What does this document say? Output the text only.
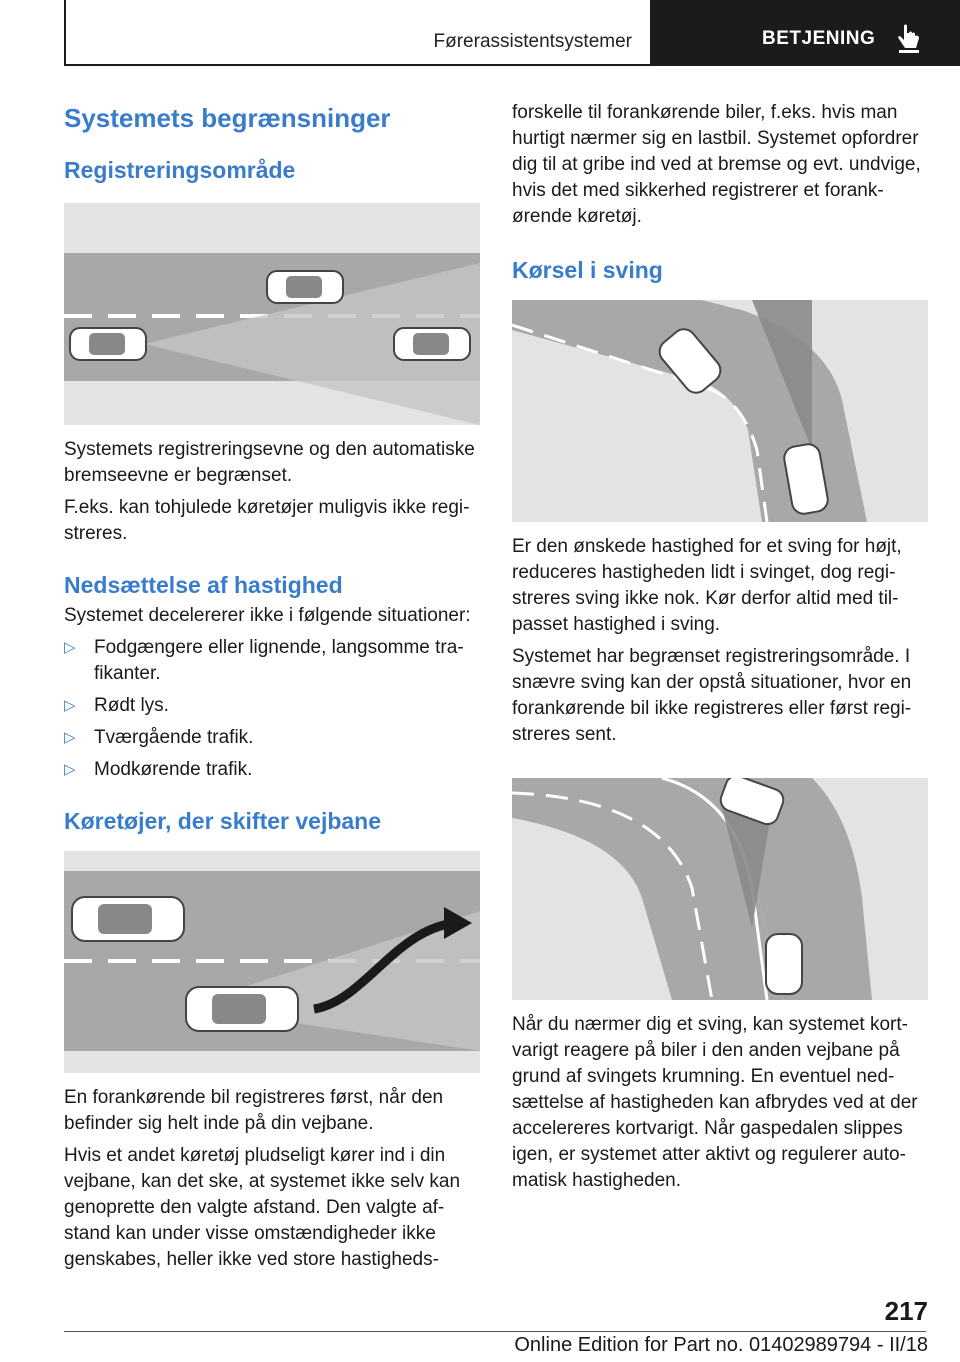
Førerassistentsystemer	BETJENING
Systemets begrænsninger
Registreringsområde

Systemets registreringsevne og den automatiske bremseevne er begrænset.

F.eks. kan tohjulede køretøjer muligvis ikke regi-streres.

Nedsættelse af hastighed

Systemet decelererer ikke i følgende situationer:

▷ Fodgængere eller lignende, langsomme tra-fikanter.
▷ Rødt lys.
▷ Tværgående trafik.
▷ Modkørende trafik.
Køretøjer, der skifter vejbane

En forankørende bil registreres først, når den befinder sig helt inde på din vejbane.

Hvis et andet køretøj pludseligt kører ind i din vejbane, kan det ske, at systemet ikke selv kan genoprette den valgte afstand. Den valgte af-stand kan under visse omstændigheder ikke genskabes, heller ikke ved store hastigheds-

forskelle til forankørende biler, f.eks. hvis man hurtigt nærmer sig en lastbil. Systemet opfordrer dig til at gribe ind ved at bremse og evt. undvige, hvis det med sikkerhed registrerer et forank-ørende køretøj.

Kørsel i sving

Er den ønskede hastighed for et sving for højt, reduceres hastigheden lidt i svinget, dog regi-streres sving ikke nok. Kør derfor altid med til-passet hastighed i sving.

Systemet har begrænset registreringsområde. I snævre sving kan der opstå situationer, hvor en forankørende bil ikke registreres eller først regi-streres sent.

Når du nærmer dig et sving, kan systemet kort-varigt reagere på biler i den anden vejbane på grund af svingets krumning. En eventuel ned-sættelse af hastigheden kan afbrydes ved at der accelereres kortvarigt. Når gaspedalen slippes igen, er systemet atter aktivt og regulerer auto-matisk hastigheden.

217
Online Edition for Part no. 01402989794 - II/18
